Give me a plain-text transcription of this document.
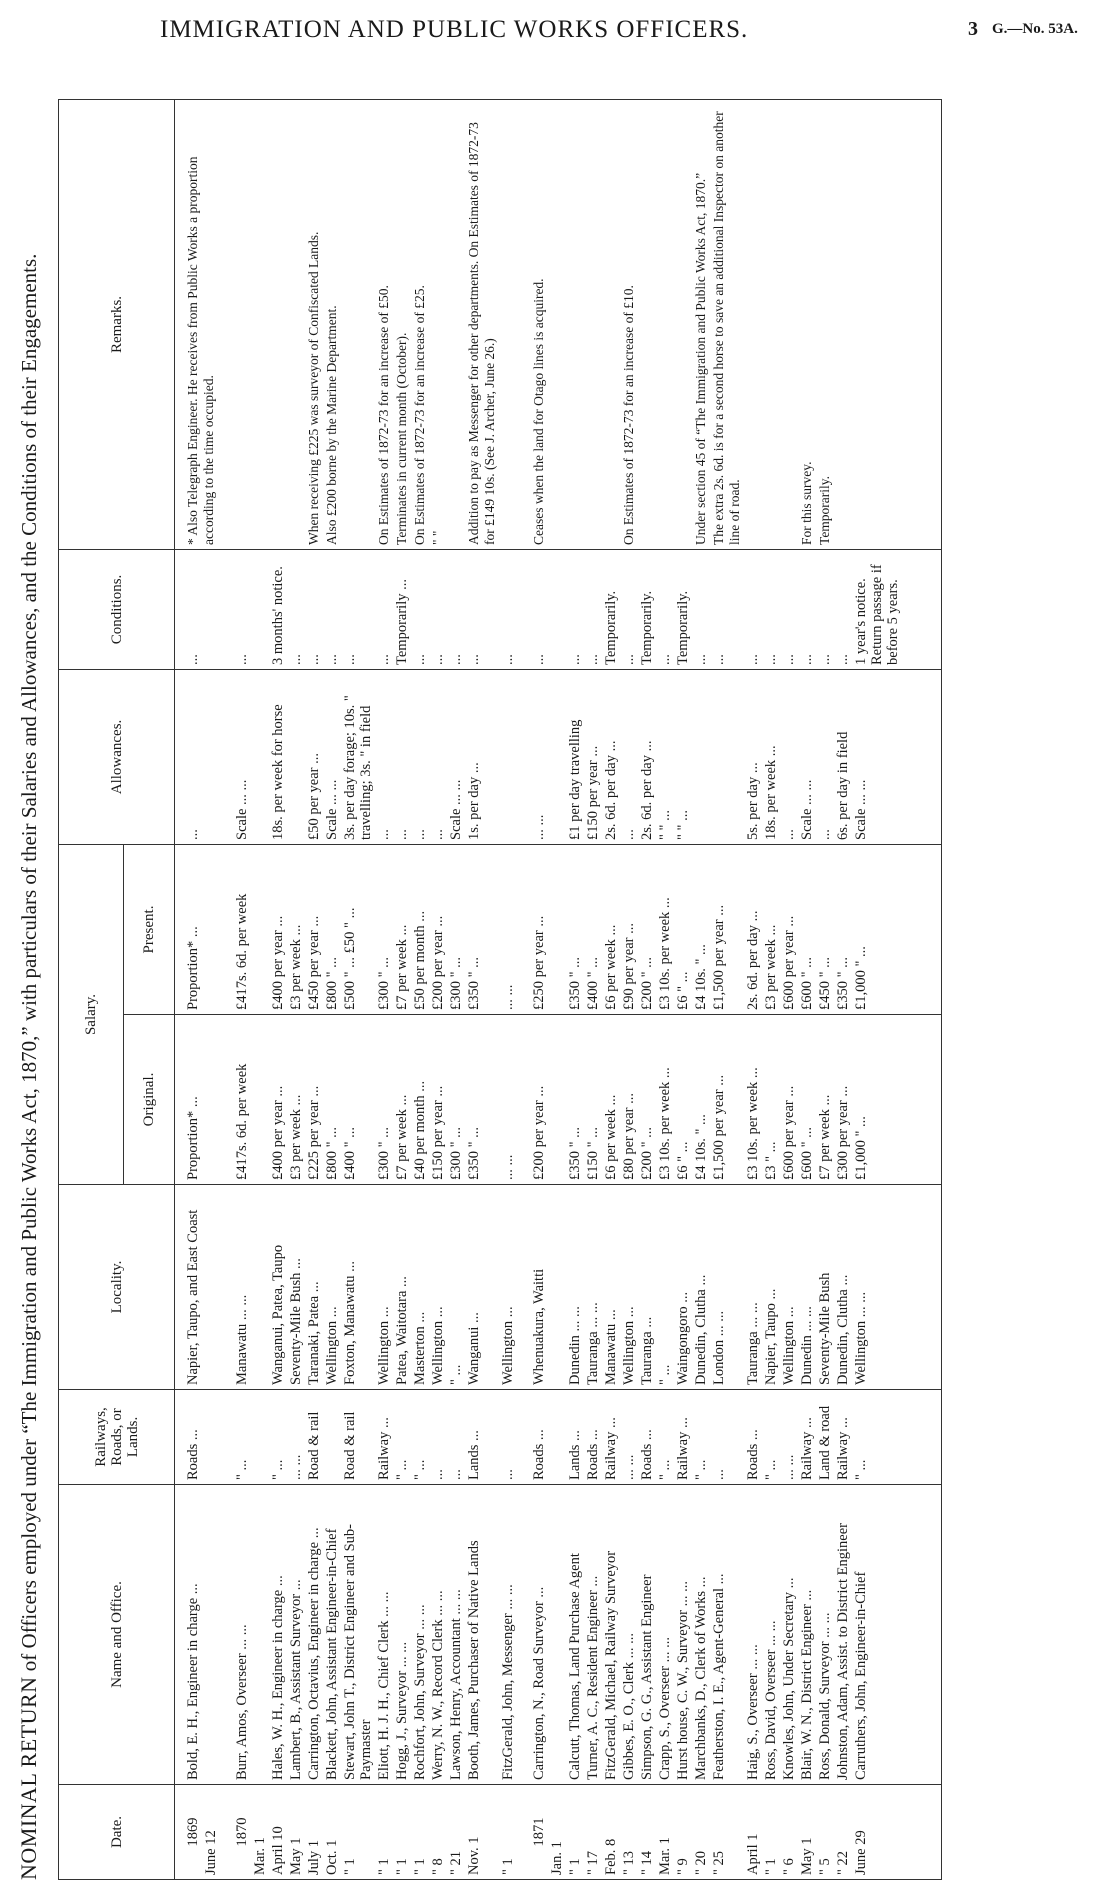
IMMIGRATION AND PUBLIC WORKS OFFICERS.	3 G.—No. 53A.
NOMINAL RETURN of Officers employed under “The Immigration and Public Works Act, 1870,” with particulars of their Salaries and Allowances, and the Conditions of their Engagements.
Date.	Name and Office.	Railways, Roads, or Lands.	Locality.	Salary.		Allowances.	Conditions.	Remarks.
				Original.	Present.			

1869 June 12	Bold, E. H., Engineer in charge ...	Roads ...	Napier, Taupo, and East Coast	Proportion* ...	Proportion* ...	...	...	* Also Telegraph Engineer. He receives from Public Works a proportion according to the time occupied.

1870
Mar. 1	Burr, Amos, Overseer ... ...	" ...	Manawatu ... ...	£417s. 6d. per week	£417s. 6d. per week	Scale ... ...	...	
April 10	Hales, W. H., Engineer in charge ...	" ...	Wanganui, Patea, Taupo	£400 per year ...	£400 per year ...	18s. per week for horse	3 months' notice.	
May 1	Lambert, B., Assistant Surveyor ...	... ...	Seventy-Mile Bush ...	£3 per week ...	£3 per week ...		...	
July 1	Carrington, Octavius, Engineer in charge ...	Road & rail	Taranaki, Patea ...	£225 per year ...	£450 per year ...	£50 per year ...	...	When receiving £225 was surveyor of Confiscated Lands.
Oct. 1	Blackett, John, Assistant Engineer-in-Chief		Wellington ...	£800 " ...	£800 " ...	Scale ... ...	...	Also £200 borne by the Marine Department.
" 1	Stewart, John T., District Engineer and Sub-Paymaster	Road & rail	Foxton, Manawatu ...	£400 " ...	£500 " ... £50 " ...	3s. per day forage; 10s. " travelling; 3s. " in field	...	
" 1	Eliott, H. J. H., Chief Clerk ... ...	Railway ...	Wellington ...	£300 " ...	£300 " ...	...	...	On Estimates of 1872-73 for an increase of £50.
" 1	Hogg, J., Surveyor ... ...	" ...	Patea, Waitotara ...	£7 per week ...	£7 per week ...	...	Temporarily ...	Terminates in current month (October).
" 1	Rochfort, John, Surveyor ... ...	" ...	Masterton ...	£40 per month ...	£50 per month ...	...	...	On Estimates of 1872-73 for an increase of £25.
" 8	Werry, N. W., Record Clerk ... ...	...	Wellington ...	£150 per year ...	£200 per year ...	...	...	" "
" 21	Lawson, Henry, Accountant ... ...	...	" ...	£300 " ...	£300 " ...	Scale ... ...	...	
Nov. 1	Booth, James, Purchaser of Native Lands	Lands ...	Wanganui ...	£350 " ...	£350 " ...	1s. per day ...	...	Addition to pay as Messenger for other departments. On Estimates of 1872-73 for £149 10s. (See J. Archer, June 26.)
" 1	FitzGerald, John, Messenger ... ...	...	Wellington ...	... ...	... ...		...	

1871
Jan. 1	Carrington, N., Road Surveyor ...	Roads ...	Whenuakura, Waitti	£200 per year ...	£250 per year ...	... ...	...	Ceases when the land for Otago lines is acquired.
" 1	Calcutt, Thomas, Land Purchase Agent	Lands ...	Dunedin ... ...	£350 " ...	£350 " ...	£1 per day travelling	...	
" 17	Turner, A. C., Resident Engineer ...	Roads ...	Tauranga ... ...	£150 " ...	£400 " ...	£150 per year ...	...	
Feb. 8	FitzGerald, Michael, Railway Surveyor	Railway ...	Manawatu ...	£6 per week ...	£6 per week ...	2s. 6d. per day ...	Temporarily.	
" 13	Gibbes, E. O., Clerk ... ...	... ...	Wellington ...	£80 per year ...	£90 per year ...	...	...	On Estimates of 1872-73 for an increase of £10.
" 14	Simpson, G. G., Assistant Engineer	Roads ...	Tauranga ...	£200 " ...	£200 " ...	2s. 6d. per day ...	Temporarily.	
Mar. 1	Crapp, S., Overseer ... ...	" ...	" ...	£3 10s. per week ...	£3 10s. per week ...	" " ...	...	
" 9	Hurst house, C. W., Surveyor ... ...	Railway ...	Waingongoro ...	£6 " ...	£6 " ...	" " ...	Temporarily.	
" 20	Marchbanks, D., Clerk of Works ...	" ...	Dunedin, Clutha ...	£4 10s. " ...	£4 10s. " ...		...	Under section 45 of “The Immigration and Public Works Act, 1870.”
" 25	Featherston, I. E., Agent-General ...	...	London ... ...	£1,500 per year ...	£1,500 per year ...		...	The extra 2s. 6d. is for a second horse to save an additional Inspector on another line of road.
April 1	Haig, S., Overseer ... ...	Roads ...	Tauranga ... ...	£3 10s. per week ...	2s. 6d. per day ...	5s. per day ...	...	
" 1	Ross, David, Overseer ... ...	" ...	Napier, Taupo ...	£3 " ...	£3 per week ...	18s. per week ...	...	
" 6	Knowles, John, Under Secretary ...	... ...	Wellington ...	£600 per year ...	£600 per year ...	...	...	
May 1	Blair, W. N., District Engineer ...	Railway ...	Dunedin ... ...	£600 " ...	£600 " ...	Scale ... ...	...	For this survey.
" 5	Ross, Donald, Surveyor ... ...	Land & road	Seventy-Mile Bush	£7 per week ...	£450 " ...	...	...	Temporarily.
" 22	Johnston, Adam, Assist. to District Engineer	Railway ...	Dunedin, Clutha ...	£300 per year ...	£350 " ...	6s. per day in field	...	
June 29	Carruthers, John, Engineer-in-Chief	" ...	Wellington ... ...	£1,000 " ...	£1,000 " ...	Scale ... ...	1 year's notice. Return passage if before 5 years.	
